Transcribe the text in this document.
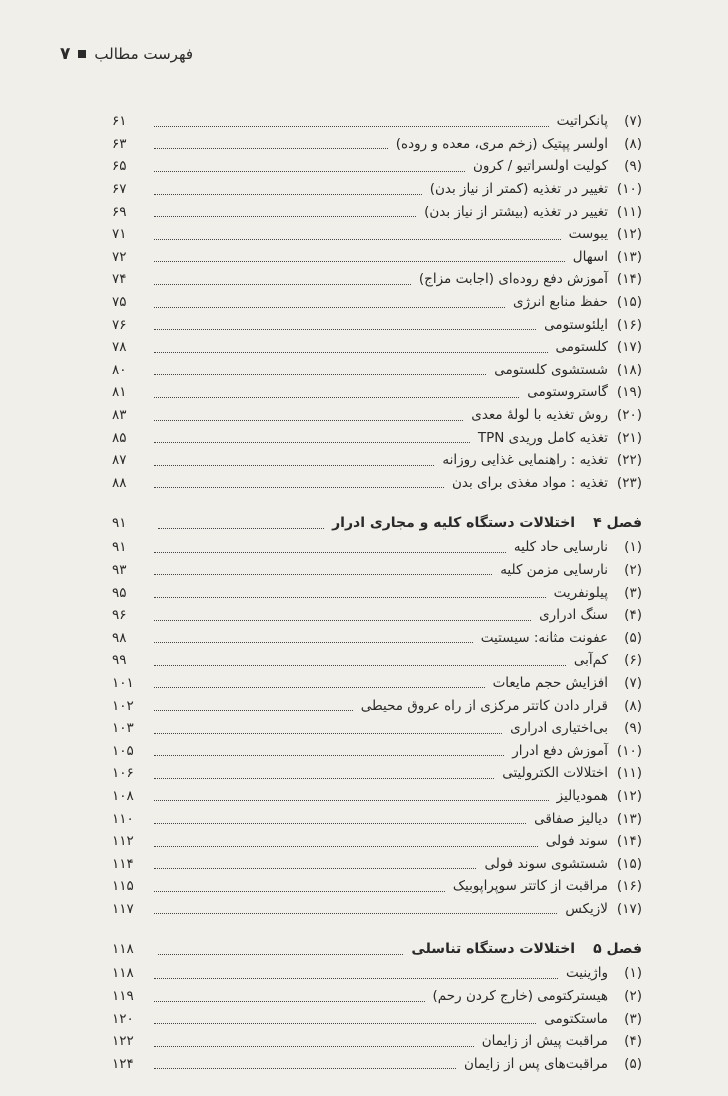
۷ فهرست مطالب
(۷)
پانکراتیت
۶۱
(۸)
اولسر پپتیک (زخم مری، معده و روده)
۶۳
(۹)
کولیت اولسراتیو / کرون
۶۵
(۱۰)
تغییر در تغذیه (کمتر از نیاز بدن)
۶۷
(۱۱)
تغییر در تغذیه (بیشتر از نیاز بدن)
۶۹
(۱۲)
یبوست
۷۱
(۱۳)
اسهال
۷۲
(۱۴)
آموزش دفع روده‌ای (اجابت مزاج)
۷۴
(۱۵)
حفظ منابع انرژی
۷۵
(۱۶)
ایلئوستومی
۷۶
(۱۷)
کلستومی
۷۸
(۱۸)
شستشوی کلستومی
۸۰
(۱۹)
گاستروستومی
۸۱
(۲۰)
روش تغذیه با لولهٔ معدی
۸۳
(۲۱)
تغذیه کامل وریدی TPN
۸۵
(۲۲)
تغذیه : راهنمایی غذایی روزانه
۸۷
(۲۳)
تغذیه : مواد مغذی برای بدن
۸۸
فصل ۴
اختلالات دستگاه کلیه و مجاری ادرار
۹۱
(۱)
نارسایی حاد کلیه
۹۱
(۲)
نارسایی مزمن کلیه
۹۳
(۳)
پیلونفریت
۹۵
(۴)
سنگ ادراری
۹۶
(۵)
عفونت مثانه: سیستیت
۹۸
(۶)
کم‌آبی
۹۹
(۷)
افزایش حجم مایعات
۱۰۱
(۸)
قرار دادن کاتتر مرکزی از راه عروق محیطی
۱۰۲
(۹)
بی‌اختیاری ادراری
۱۰۳
(۱۰)
آموزش دفع ادرار
۱۰۵
(۱۱)
اختلالات الکترولیتی
۱۰۶
(۱۲)
همودیالیز
۱۰۸
(۱۳)
دیالیز صفاقی
۱۱۰
(۱۴)
سوند فولی
۱۱۲
(۱۵)
شستشوی سوند فولی
۱۱۴
(۱۶)
مراقبت از کاتتر سوپراپوبیک
۱۱۵
(۱۷)
لازیکس
۱۱۷
فصل ۵
اختلالات دستگاه تناسلی
۱۱۸
(۱)
واژینیت
۱۱۸
(۲)
هیسترکتومی (خارج کردن رحم)
۱۱۹
(۳)
ماستکتومی
۱۲۰
(۴)
مراقبت پیش از زایمان
۱۲۲
(۵)
مراقبت‌های پس از زایمان
۱۲۴
